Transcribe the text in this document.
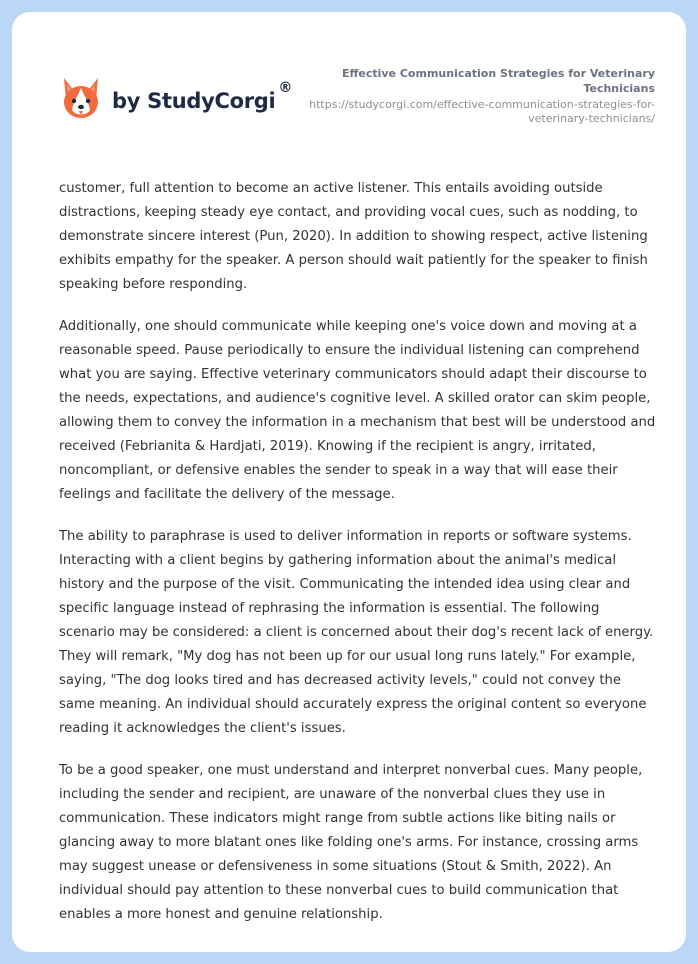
by StudyCorgi
®
Effective Communication Strategies for Veterinary Technicians
https://studycorgi.com/effective-communication-strategies-for-veterinary-technicians/

customer, full attention to become an active listener. This entails avoiding outside distractions, keeping steady eye contact, and providing vocal cues, such as nodding, to demonstrate sincere interest (Pun, 2020). In addition to showing respect, active listening exhibits empathy for the speaker. A person should wait patiently for the speaker to finish speaking before responding.

Additionally, one should communicate while keeping one's voice down and moving at a reasonable speed. Pause periodically to ensure the individual listening can comprehend what you are saying. Effective veterinary communicators should adapt their discourse to the needs, expectations, and audience's cognitive level. A skilled orator can skim people, allowing them to convey the information in a mechanism that best will be understood and received (Febrianita & Hardjati, 2019). Knowing if the recipient is angry, irritated, noncompliant, or defensive enables the sender to speak in a way that will ease their feelings and facilitate the delivery of the message.

The ability to paraphrase is used to deliver information in reports or software systems. Interacting with a client begins by gathering information about the animal's medical history and the purpose of the visit. Communicating the intended idea using clear and specific language instead of rephrasing the information is essential. The following scenario may be considered: a client is concerned about their dog's recent lack of energy. They will remark, "My dog has not been up for our usual long runs lately." For example, saying, "The dog looks tired and has decreased activity levels," could not convey the same meaning. An individual should accurately express the original content so everyone reading it acknowledges the client's issues.

To be a good speaker, one must understand and interpret nonverbal cues. Many people, including the sender and recipient, are unaware of the nonverbal clues they use in communication. These indicators might range from subtle actions like biting nails or glancing away to more blatant ones like folding one's arms. For instance, crossing arms may suggest unease or defensiveness in some situations (Stout & Smith, 2022). An individual should pay attention to these nonverbal cues to build communication that enables a more honest and genuine relationship.
